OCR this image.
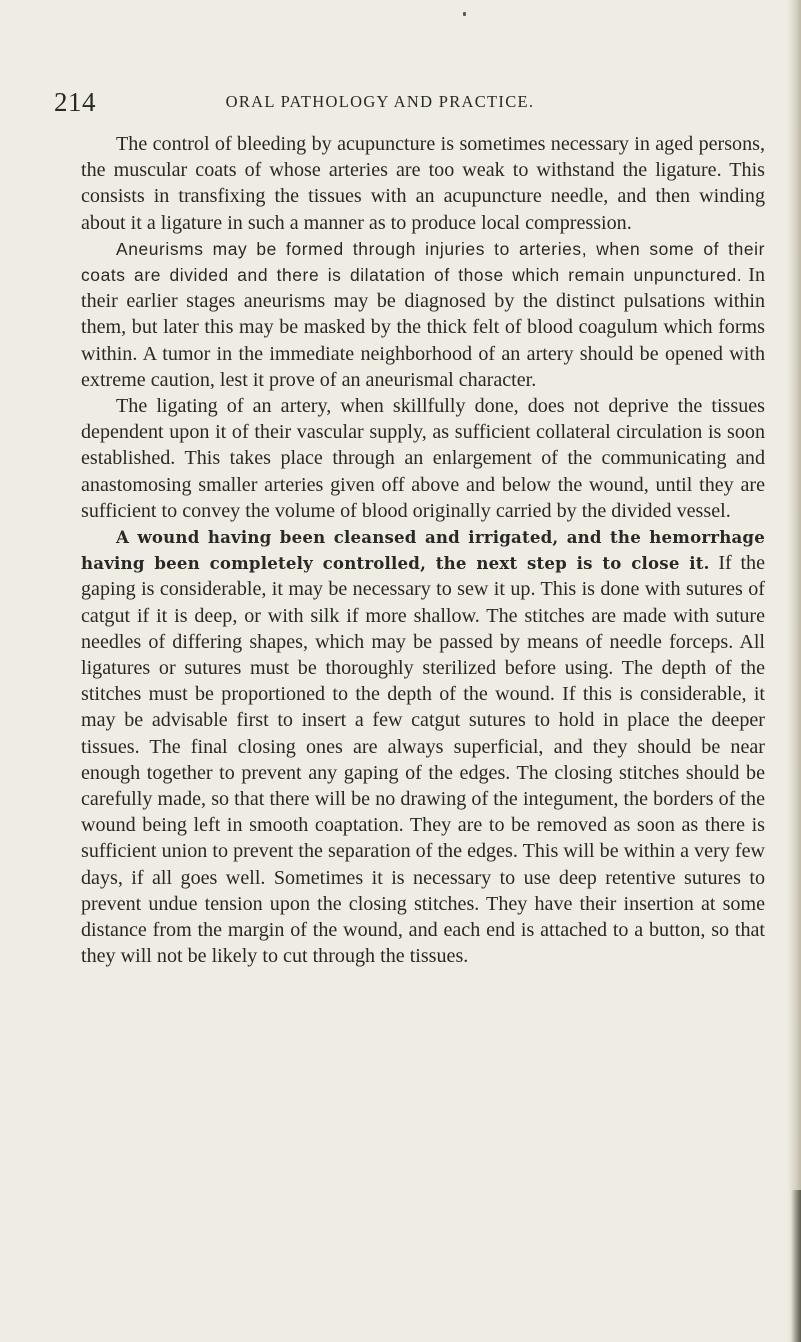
214	ORAL PATHOLOGY AND PRACTICE.

The control of bleeding by acupuncture is sometimes necessary in aged persons, the muscular coats of whose arteries are too weak to withstand the ligature. This consists in transfixing the tissues with an acupuncture needle, and then winding about it a ligature in such a manner as to produce local compression.

Aneurisms may be formed through injuries to arteries, when some of their coats are divided and there is dilatation of those which remain unpunctured. In their earlier stages aneurisms may be diagnosed by the distinct pulsations within them, but later this may be masked by the thick felt of blood coagulum which forms within. A tumor in the immediate neighborhood of an artery should be opened with extreme caution, lest it prove of an aneurismal character.

The ligating of an artery, when skillfully done, does not deprive the tissues dependent upon it of their vascular supply, as sufficient collateral circulation is soon established. This takes place through an enlargement of the communicating and anastomosing smaller arteries given off above and below the wound, until they are sufficient to convey the volume of blood originally carried by the divided vessel.

A wound having been cleansed and irrigated, and the hemorrhage having been completely controlled, the next step is to close it. If the gaping is considerable, it may be necessary to sew it up. This is done with sutures of catgut if it is deep, or with silk if more shallow. The stitches are made with suture needles of differing shapes, which may be passed by means of needle forceps. All ligatures or sutures must be thoroughly sterilized before using. The depth of the stitches must be proportioned to the depth of the wound. If this is considerable, it may be advisable first to insert a few catgut sutures to hold in place the deeper tissues. The final closing ones are always superficial, and they should be near enough together to prevent any gaping of the edges. The closing stitches should be carefully made, so that there will be no drawing of the integument, the borders of the wound being left in smooth coaptation. They are to be removed as soon as there is sufficient union to prevent the separation of the edges. This will be within a very few days, if all goes well. Sometimes it is necessary to use deep retentive sutures to prevent undue tension upon the closing stitches. They have their insertion at some distance from the margin of the wound, and each end is attached to a button, so that they will not be likely to cut through the tissues.
